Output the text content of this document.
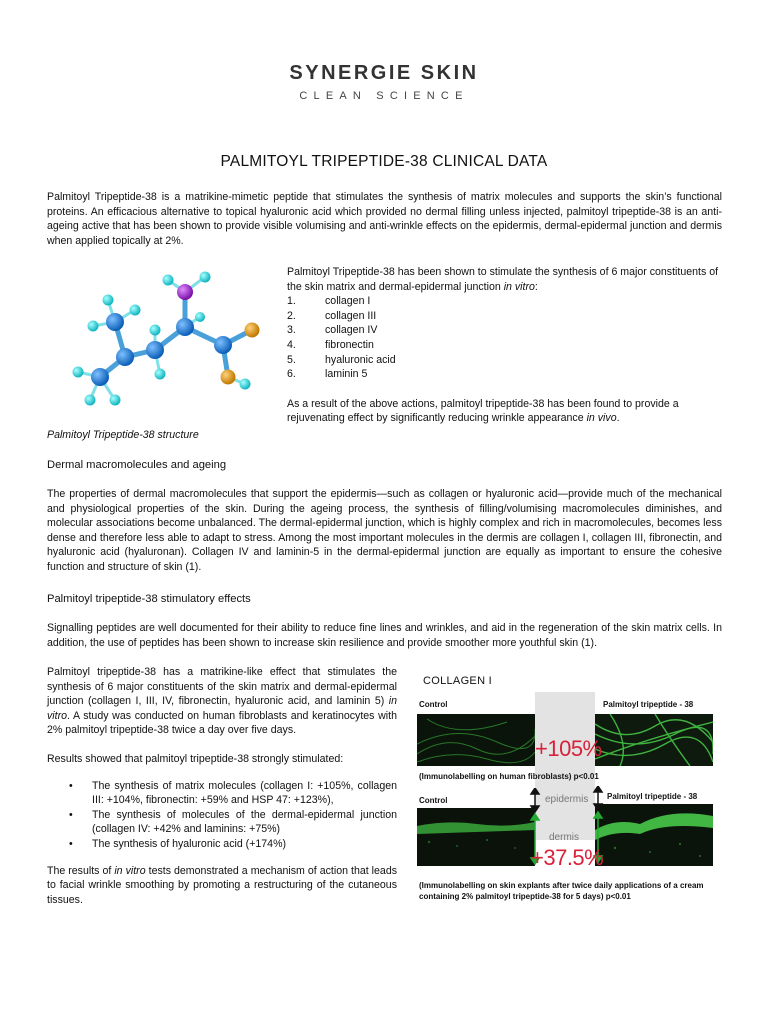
SYNERGIE SKIN
CLEAN SCIENCE
PALMITOYL TRIPEPTIDE-38 CLINICAL DATA

Palmitoyl Tripeptide-38 is a matrikine-mimetic peptide that stimulates the synthesis of matrix molecules and supports the skin’s functional proteins. An efficacious alternative to topical hyaluronic acid which provided no dermal filling unless injected, palmitoyl tripeptide-38 is an anti-ageing active that has been shown to provide visible volumising and anti-wrinkle effects on the epidermis, dermal-epidermal junction and dermis when applied topically at 2%.

Palmitoyl Tripeptide-38 structure
Palmitoyl Tripeptide-38 has been shown to stimulate the synthesis of 6 major constituents of the skin matrix and dermal-epidermal junction in vitro:
1.	collagen I
2.	collagen III
3.	collagen IV
4.	fibronectin
5.	hyaluronic acid
6.	laminin 5
As a result of the above actions, palmitoyl tripeptide-38 has been found to provide a rejuvenating effect by significantly reducing wrinkle appearance in vivo.
Dermal macromolecules and ageing

The properties of dermal macromolecules that support the epidermis—such as collagen or hyaluronic acid—provide much of the mechanical and physiological properties of the skin. During the ageing process, the synthesis of filling/volumising macromolecules diminishes, and molecular associations become unbalanced. The dermal-epidermal junction, which is highly complex and rich in macromolecules, becomes less dense and therefore less able to adapt to stress. Among the most important molecules in the dermis are collagen I, collagen III, fibronectin, and hyaluronic acid (hyaluronan). Collagen IV and laminin-5 in the dermal-epidermal junction are equally as important to ensure the cohesive function and structure of skin (1).

Palmitoyl tripeptide-38 stimulatory effects

Signalling peptides are well documented for their ability to reduce fine lines and wrinkles, and aid in the regeneration of the skin matrix cells. In addition, the use of peptides has been shown to increase skin resilience and provide smoother more youthful skin (1).

Palmitoyl tripeptide-38 has a matrikine-like effect that stimulates the synthesis of 6 major constituents of the skin matrix and dermal-epidermal junction (collagen I, III, IV, fibronectin, hyaluronic acid, and laminin 5) in vitro. A study was conducted on human fibroblasts and keratinocytes with 2% palmitoyl tripeptide-38 twice a day over five days.

Results showed that palmitoyl tripeptide-38 strongly stimulated:

• The synthesis of matrix molecules (collagen I: +105%, collagen III: +104%, fibronectin: +59% and HSP 47: +123%),
• The synthesis of molecules of the dermal-epidermal junction (collagen IV: +42% and laminins: +75%)
• The synthesis of hyaluronic acid (+174%)

The results of in vitro tests demonstrated a mechanism of action that leads to facial wrinkle smoothing by promoting a restructuring of the cutaneous tissues.

COLLAGEN I
Control	Palmitoyl tripeptide - 38
+105%
(Immunolabelling on human fibroblasts) p<0.01
Control	Palmitoyl tripeptide - 38
epidermis
dermis
+37.5%
(Immunolabelling on skin explants after twice daily applications of a cream containing 2% palmitoyl tripeptide-38 for 5 days) p<0.01
